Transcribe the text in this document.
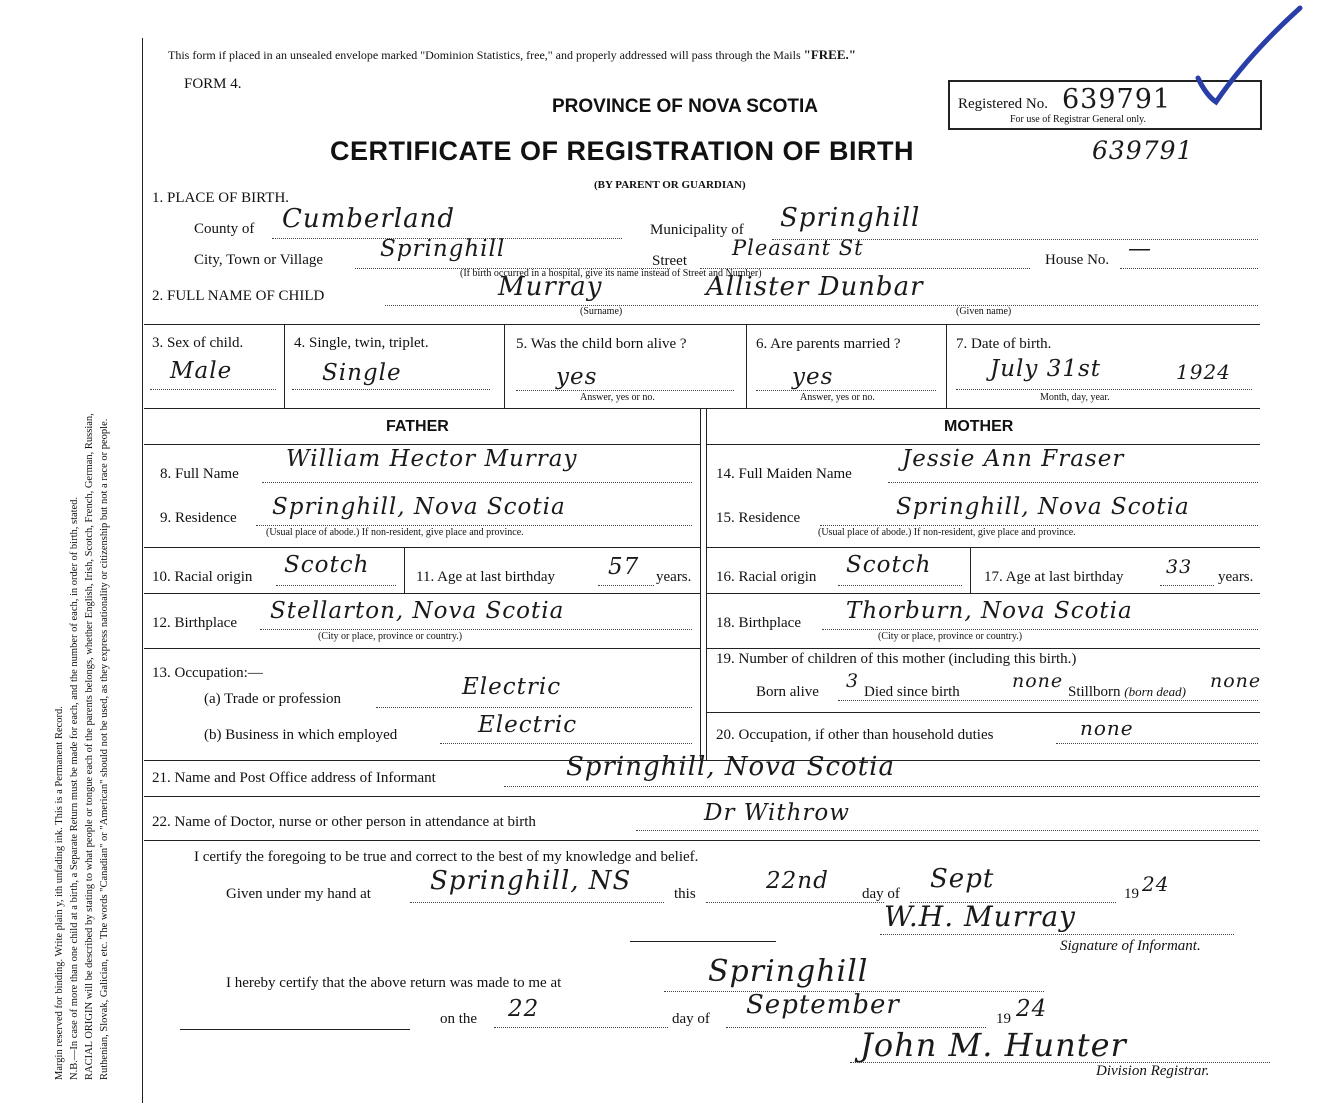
Margin reserved for binding. Write plain y, ith unfading ink. This is a Permanent Record. N.B.—In case of more than one child at a birth, a Separate Return must be made for each, and the number of each, in order of birth, stated. RACIAL ORIGIN will be described by stating to what people or tongue each of the parents belongs, whether English, Irish, Scotch, French, German, Russian, Ruthenian, Slovak, Galician, etc. The words "Canadian" or "American" should not be used, as they express nationality or citizenship but not a race or people.
This form if placed in an unsealed envelope marked "Dominion Statistics, free," and properly addressed will pass through the Mails "FREE."
FORM 4.
PROVINCE OF NOVA SCOTIA
CERTIFICATE OF REGISTRATION OF BIRTH	639791
(BY PARENT OR GUARDIAN)
Registered No. 639791
For use of Registrar General only.
1. PLACE OF BIRTH.
County of Cumberland	Municipality of Springhill
City, Town or Village Springhill	Street
Pleasant St	House No. —
(If birth occurred in a hospital, give its name instead of Street and Number)
2. FULL NAME OF CHILD	Murray	Allister Dunbar
(Surname)	(Given name)
3. Sex of child.
Male
4. Single, twin, triplet.
Single
5. Was the child born alive ?
yes
Answer, yes or no.
6. Are parents married ?
yes
Answer, yes or no.
7. Date of birth.
July 31st	1924
Month, day, year.
FATHER	MOTHER
8. Full Name
William Hector Murray
9. Residence Springhill, Nova Scotia
(Usual place of abode.) If non-resident, give place and province.
10. Racial origin Scotch	11. Age at last birthday 57 years.
12. Birthplace Stellarton, Nova Scotia
(City or place, province or country.)
13. Occupation:—
(a) Trade or profession	Electric
(b) Business in which employed	Electric
14. Full Maiden Name
Jessie Ann Fraser
15. Residence	Springhill, Nova Scotia
(Usual place of abode.) If non-resident, give place and province.
16. Racial origin Scotch	17. Age at last birthday 33 years.
18. Birthplace Thorburn, Nova Scotia
(City or place, province or country.)
19. Number of children of this mother (including this birth.)
Born alive 3 Died since birth	none Stillborn (born dead) none
20. Occupation, if other than household duties	none
21. Name and Post Office address of Informant	Springhill, Nova Scotia
22. Name of Doctor, nurse or other person in attendance at birth	Dr Withrow
I certify the foregoing to be true and correct to the best of my knowledge and belief.
Given under my hand at Springhill, NS	this	22nd day of Sept	19 24
W.H. Murray
Signature of Informant.
I hereby certify that the above return was made to me at	Springhill
on the 22	day of September	19 24
John M. Hunter
Division Registrar.
